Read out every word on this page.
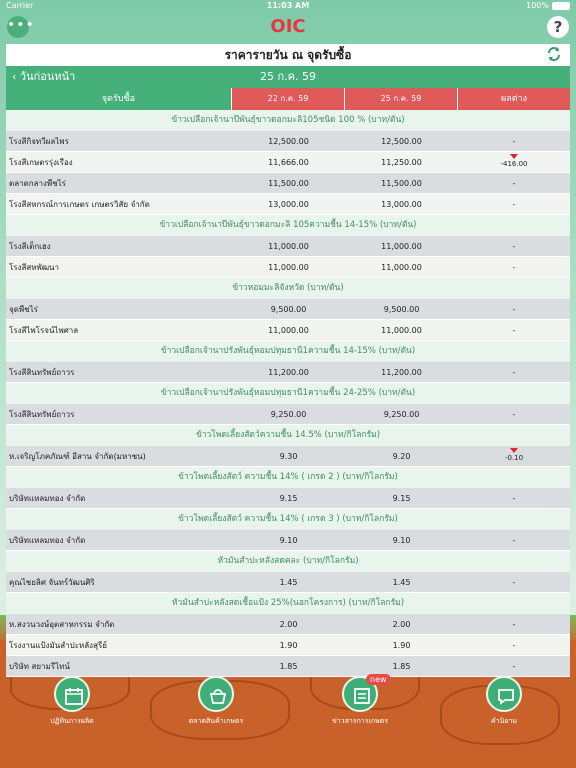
Carrier	11:03 AM	100%
•••	OIC	?
ราคารายวัน ณ จุดรับซื้อ
‹ วันก่อนหน้า	25 ก.ค. 59
จุดรับซื้อ	22 ก.ค. 59	25 ก.ค. 59	ผลต่าง
ข้าวเปลือกเจ้านาปีพันธุ์ขาวดอกมะลิ105ชนิด 100 % (บาท/ตัน)
โรงสีกิจทวีผลไพร	12,500.00	12,500.00	-
โรงสีเกษตรรุ่งเรือง	11,666.00	11,250.00	-416.00
ตลาดกลางพืชไร่	11,500.00	11,500.00	-
โรงสีสหกรณ์การเกษตร เกษตรวิสัย จำกัด	13,000.00	13,000.00	-
ข้าวเปลือกเจ้านาปีพันธุ์ขาวดอกมะลิ 105ความชื้น 14-15% (บาท/ตัน)
โรงสีเต็กเฮง	11,000.00	11,000.00	-
โรงสีสหพัฒนา	11,000.00	11,000.00	-
ข้าวหอมมะลิจังหวัด (บาท/ตัน)
จุดพืชไร่	9,500.00	9,500.00	-
โรงสีไพโรจน์ไพศาล	11,000.00	11,000.00	-
ข้าวเปลือกเจ้านาปรังพันธุ์หอมปทุมธานี1ความชื้น 14-15% (บาท/ตัน)
โรงสีสินทรัพย์ถาวร	11,200.00	11,200.00	-
ข้าวเปลือกเจ้านาปรังพันธุ์หอมปทุมธานี1ความชื้น 24-25% (บาท/ตัน)
โรงสีสินทรัพย์ถาวร	9,250.00	9,250.00	-
ข้าวโพดเลี้ยงสัตว์ความชื้น 14.5% (บาท/กิโลกรัม)
ห.เจริญโภคภัณฑ์ อีสาน จำกัด(มหาชน)	9.30	9.20	-0.10
ข้าวโพดเลี้ยงสัตว์ ความชื้น 14% ( เกรด 2 ) (บาท/กิโลกรัม)
บริษัทแหลมทอง จำกัด	9.15	9.15	-
ข้าวโพดเลี้ยงสัตว์ ความชื้น 14% ( เกรด 3 ) (บาท/กิโลกรัม)
บริษัทแหลมทอง จำกัด	9.10	9.10	-
หัวมันสำปะหลังสดคละ (บาท/กิโลกรัม)
คุณไชยลิศ จันทร์วัฒนศิริ	1.45	1.45	-
หัวมันสำปะหลังสดเชื้อแป้ง 25%(นอกโครงการ) (บาท/กิโลกรัม)
ห.สงวนวงษ์อุตสาหกรรม จำกัด	2.00	2.00	-
โรงงานแป้งมันสำปะหลังสุรีย์	1.90	1.90	-
บริษัท สยามรีไทน์	1.85	1.85	-
ปฏิทินการผลิต	ตลาดสินค้าเกษตร
new
ข่าวสารการเกษตร	คำนิยาม
